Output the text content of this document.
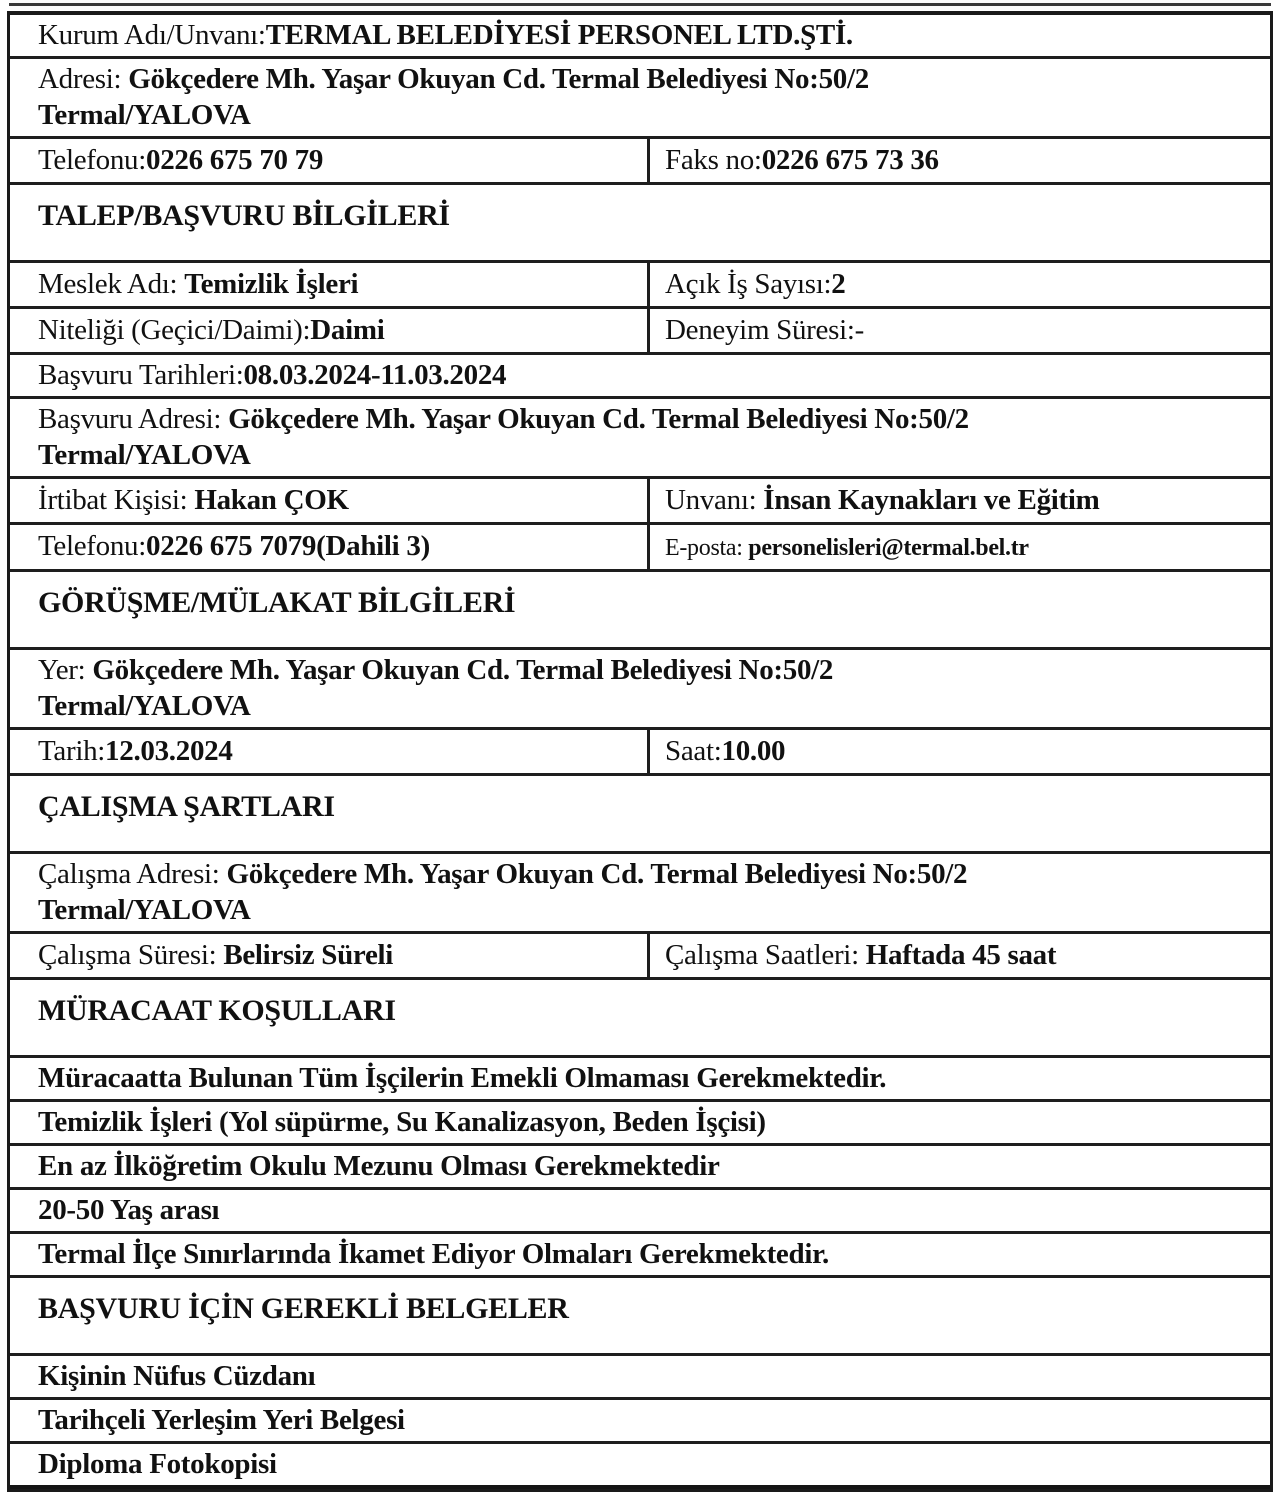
Kurum Adı/Unvanı:TERMAL BELEDİYESİ PERSONEL LTD.ŞTİ.
Adresi: Gökçedere Mh. Yaşar Okuyan Cd. Termal Belediyesi No:50/2
Termal/YALOVA
Telefonu:0226 675 70 79	Faks no:0226 675 73 36
TALEP/BAŞVURU BİLGİLERİ
Meslek Adı: Temizlik İşleri	Açık İş Sayısı:2
Niteliği (Geçici/Daimi):Daimi	Deneyim Süresi:-
Başvuru Tarihleri:08.03.2024-11.03.2024
Başvuru Adresi: Gökçedere Mh. Yaşar Okuyan Cd. Termal Belediyesi No:50/2
Termal/YALOVA
İrtibat Kişisi: Hakan ÇOK	Unvanı: İnsan Kaynakları ve Eğitim
Telefonu:0226 675 7079(Dahili 3)	E-posta: personelisleri@termal.bel.tr
GÖRÜŞME/MÜLAKAT BİLGİLERİ
Yer: Gökçedere Mh. Yaşar Okuyan Cd. Termal Belediyesi No:50/2
Termal/YALOVA
Tarih:12.03.2024	Saat:10.00
ÇALIŞMA ŞARTLARI
Çalışma Adresi: Gökçedere Mh. Yaşar Okuyan Cd. Termal Belediyesi No:50/2
Termal/YALOVA
Çalışma Süresi: Belirsiz Süreli	Çalışma Saatleri: Haftada 45 saat
MÜRACAAT KOŞULLARI
Müracaatta Bulunan Tüm İşçilerin Emekli Olmaması Gerekmektedir.
Temizlik İşleri (Yol süpürme, Su Kanalizasyon, Beden İşçisi)
En az İlköğretim Okulu Mezunu Olması Gerekmektedir
20-50 Yaş arası
Termal İlçe Sınırlarında İkamet Ediyor Olmaları Gerekmektedir.
BAŞVURU İÇİN GEREKLİ BELGELER
Kişinin Nüfus Cüzdanı
Tarihçeli Yerleşim Yeri Belgesi
Diploma Fotokopisi
